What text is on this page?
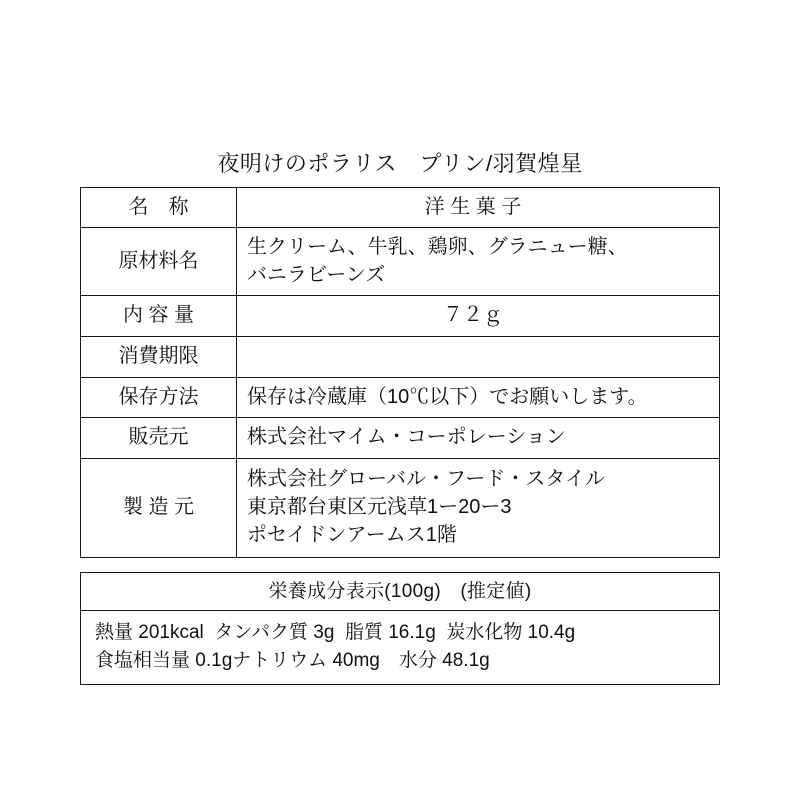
夜明けのポラリス　プリン/羽賀煌星
名　称	洋 生 菓 子

原材料名	生クリーム、牛乳、鶏卵、グラニュー糖、
バニラビーンズ

内 容 量	７２ｇ

消費期限	

保存方法	保存は冷蔵庫（10℃以下）でお願いします。

販売元	株式会社マイム・コーポレーション

製 造 元	株式会社グローバル・フード・スタイル
東京都台東区元浅草1ー20ー3
ポセイドンアームス1階
栄養成分表示(100g)　(推定値)

熱量 201kcal  タンパク質 3g  脂質 16.1g  炭水化物 10.4g
食塩相当量 0.1gナトリウム 40mg　水分 48.1g
